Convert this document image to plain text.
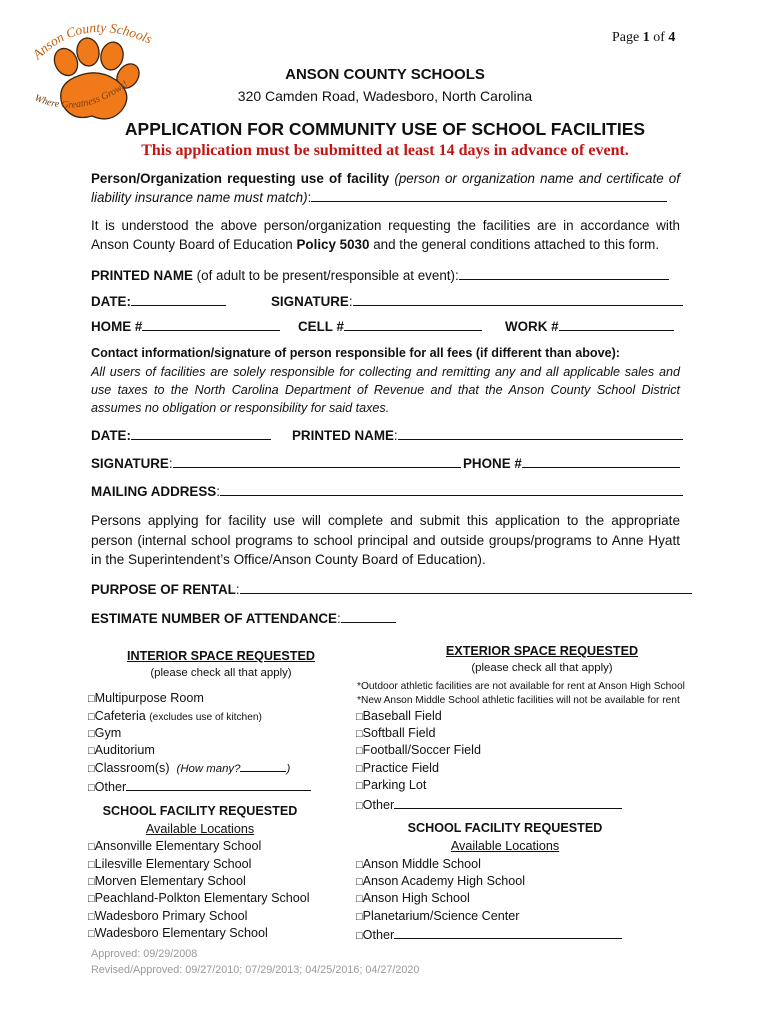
Anson County Schools
Where Greatness Grows!
Page 1 of 4
ANSON COUNTY SCHOOLS
320 Camden Road, Wadesboro, North Carolina
APPLICATION FOR COMMUNITY USE OF SCHOOL FACILITIES
This application must be submitted at least 14 days in advance of event.
Person/Organization requesting use of facility (person or organization name and certificate of liability insurance name must match):
It is understood the above person/organization requesting the facilities are in accordance with Anson County Board of Education Policy 5030 and the general conditions attached to this form.
PRINTED NAME (of adult to be present/responsible at event):
DATE:	SIGNATURE:
HOME #	CELL #	WORK #
Contact information/signature of person responsible for all fees (if different than above):
All users of facilities are solely responsible for collecting and remitting any and all applicable sales and use taxes to the North Carolina Department of Revenue and that the Anson County School District assumes no obligation or responsibility for said taxes.
DATE:	PRINTED NAME:
SIGNATURE:	PHONE #
MAILING ADDRESS:
Persons applying for facility use will complete and submit this application to the appropriate person (internal school programs to school principal and outside groups/programs to Anne Hyatt in the Superintendent’s Office/Anson County Board of Education).
PURPOSE OF RENTAL:
ESTIMATE NUMBER OF ATTENDANCE:
INTERIOR SPACE REQUESTED
(please check all that apply)
□ Multipurpose Room
□ Cafeteria (excludes use of kitchen)
□ Gym
□ Auditorium
□ Classroom(s) (How many?	)
□ Other
EXTERIOR SPACE REQUESTED
(please check all that apply)
*Outdoor athletic facilities are not available for rent at Anson High School
*New Anson Middle School athletic facilities will not be available for rent
□ Baseball Field
□ Softball Field
□ Football/Soccer Field
□ Practice Field
□ Parking Lot
□ Other
SCHOOL FACILITY REQUESTED
Available Locations
□ Ansonville Elementary School
□ Lilesville Elementary School
□ Morven Elementary School
□ Peachland-Polkton Elementary School
□ Wadesboro Primary School
□ Wadesboro Elementary School
SCHOOL FACILITY REQUESTED
Available Locations
□ Anson Middle School
□ Anson Academy High School
□ Anson High School
□ Planetarium/Science Center
□ Other
Approved: 09/29/2008
Revised/Approved: 09/27/2010; 07/29/2013; 04/25/2016; 04/27/2020
